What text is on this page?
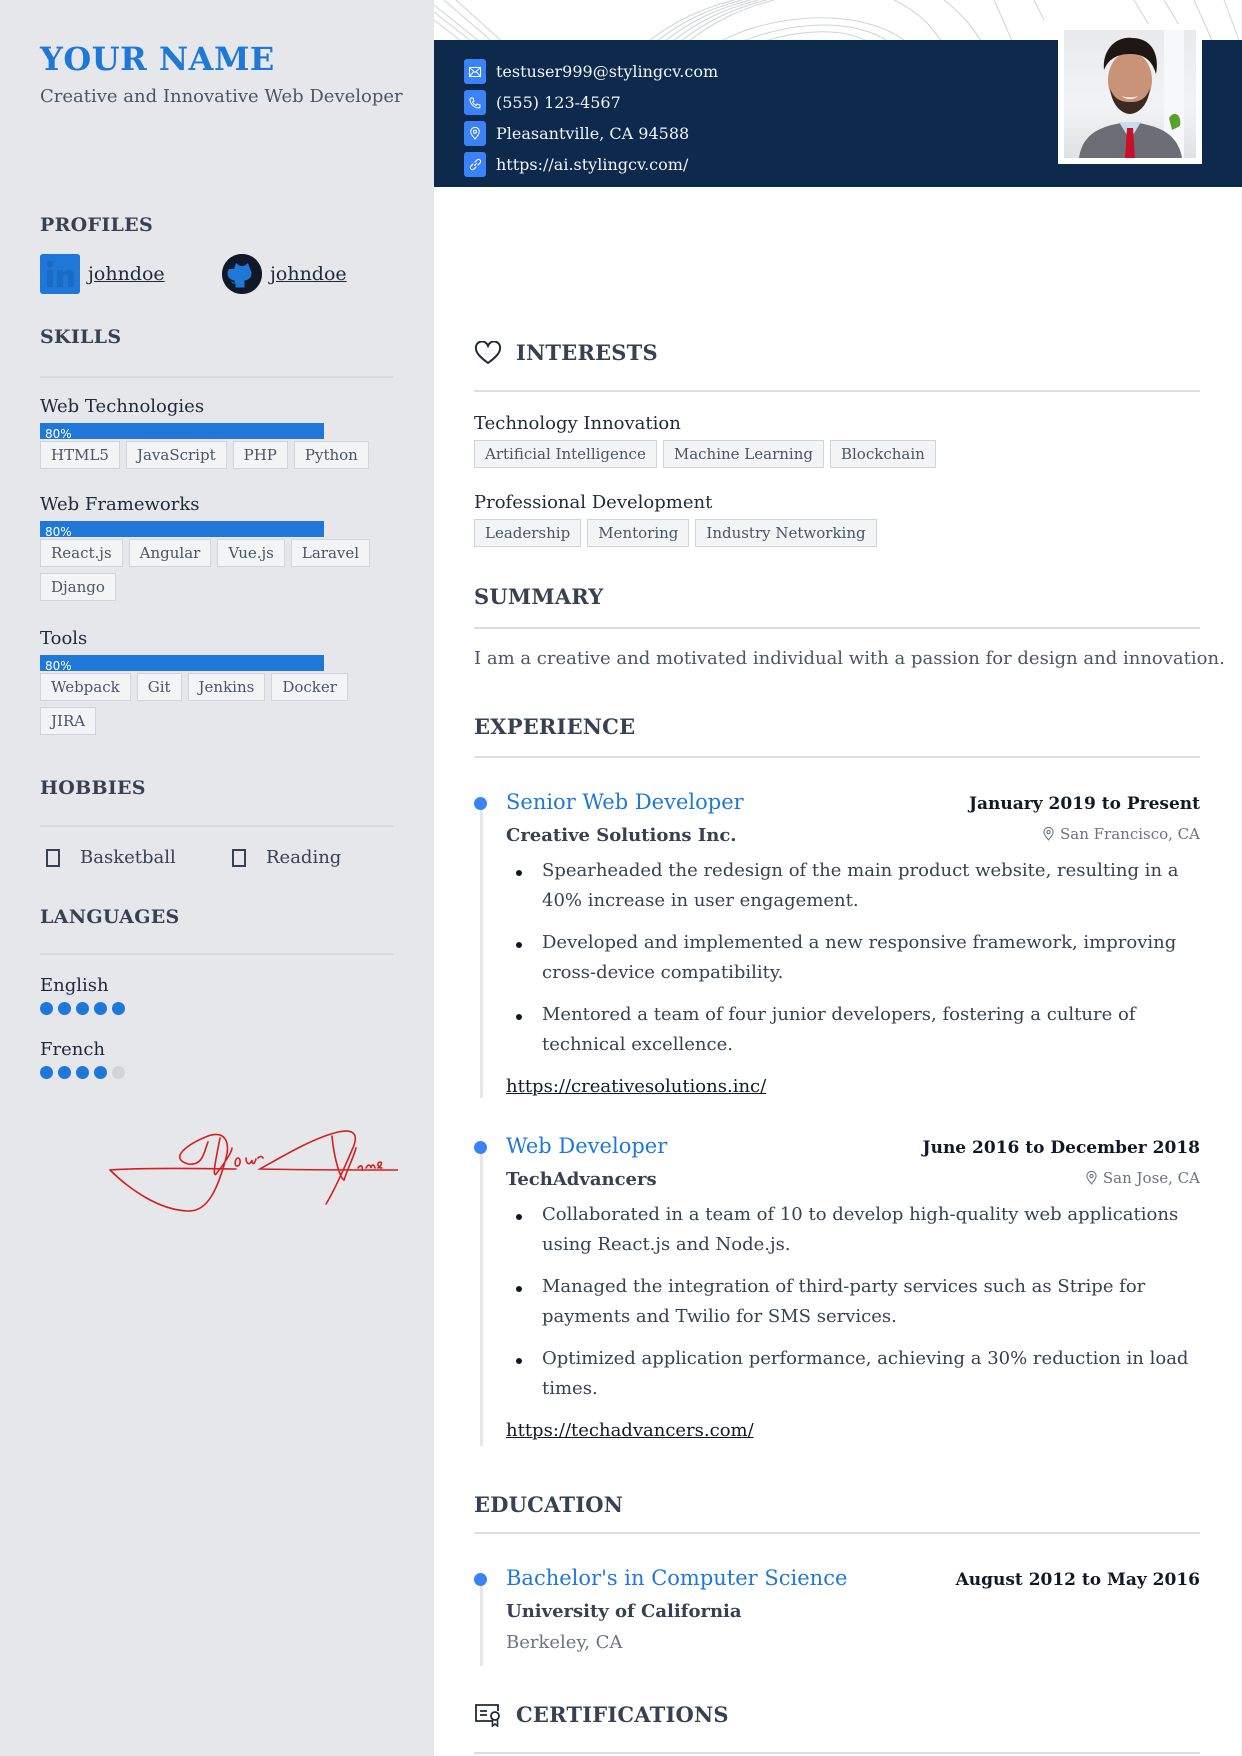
YOUR NAME
Creative and Innovative Web Developer
PROFILES
johndoe	johndoe
SKILLS
Web Technologies
80%
HTML5	JavaScript	PHP	Python
Web Frameworks
80%
React.js	Angular	Vue.js	Laravel
Django
Tools
80%
Webpack	Git	Jenkins	Docker
JIRA
HOBBIES
Basketball	Reading
LANGUAGES
English
French
testuser999@stylingcv.com
(555) 123-4567
Pleasantville, CA 94588
https://ai.stylingcv.com/
INTERESTS
Technology Innovation
Artificial Intelligence	Machine Learning	Blockchain
Professional Development
Leadership	Mentoring	Industry Networking
SUMMARY
I am a creative and motivated individual with a passion for design and innovation.
EXPERIENCE
Senior Web Developer	January 2019 to Present
Creative Solutions Inc.	San Francisco, CA
Spearheaded the redesign of the main product website, resulting in a 40% increase in user engagement.
Developed and implemented a new responsive framework, improving cross-device compatibility.
Mentored a team of four junior developers, fostering a culture of technical excellence.
https://creativesolutions.inc/
Web Developer	June 2016 to December 2018
TechAdvancers	San Jose, CA
Collaborated in a team of 10 to develop high-quality web applications using React.js and Node.js.
Managed the integration of third-party services such as Stripe for payments and Twilio for SMS services.
Optimized application performance, achieving a 30% reduction in load times.
https://techadvancers.com/
EDUCATION
Bachelor's in Computer Science	August 2012 to May 2016
University of California
Berkeley, CA
CERTIFICATIONS
